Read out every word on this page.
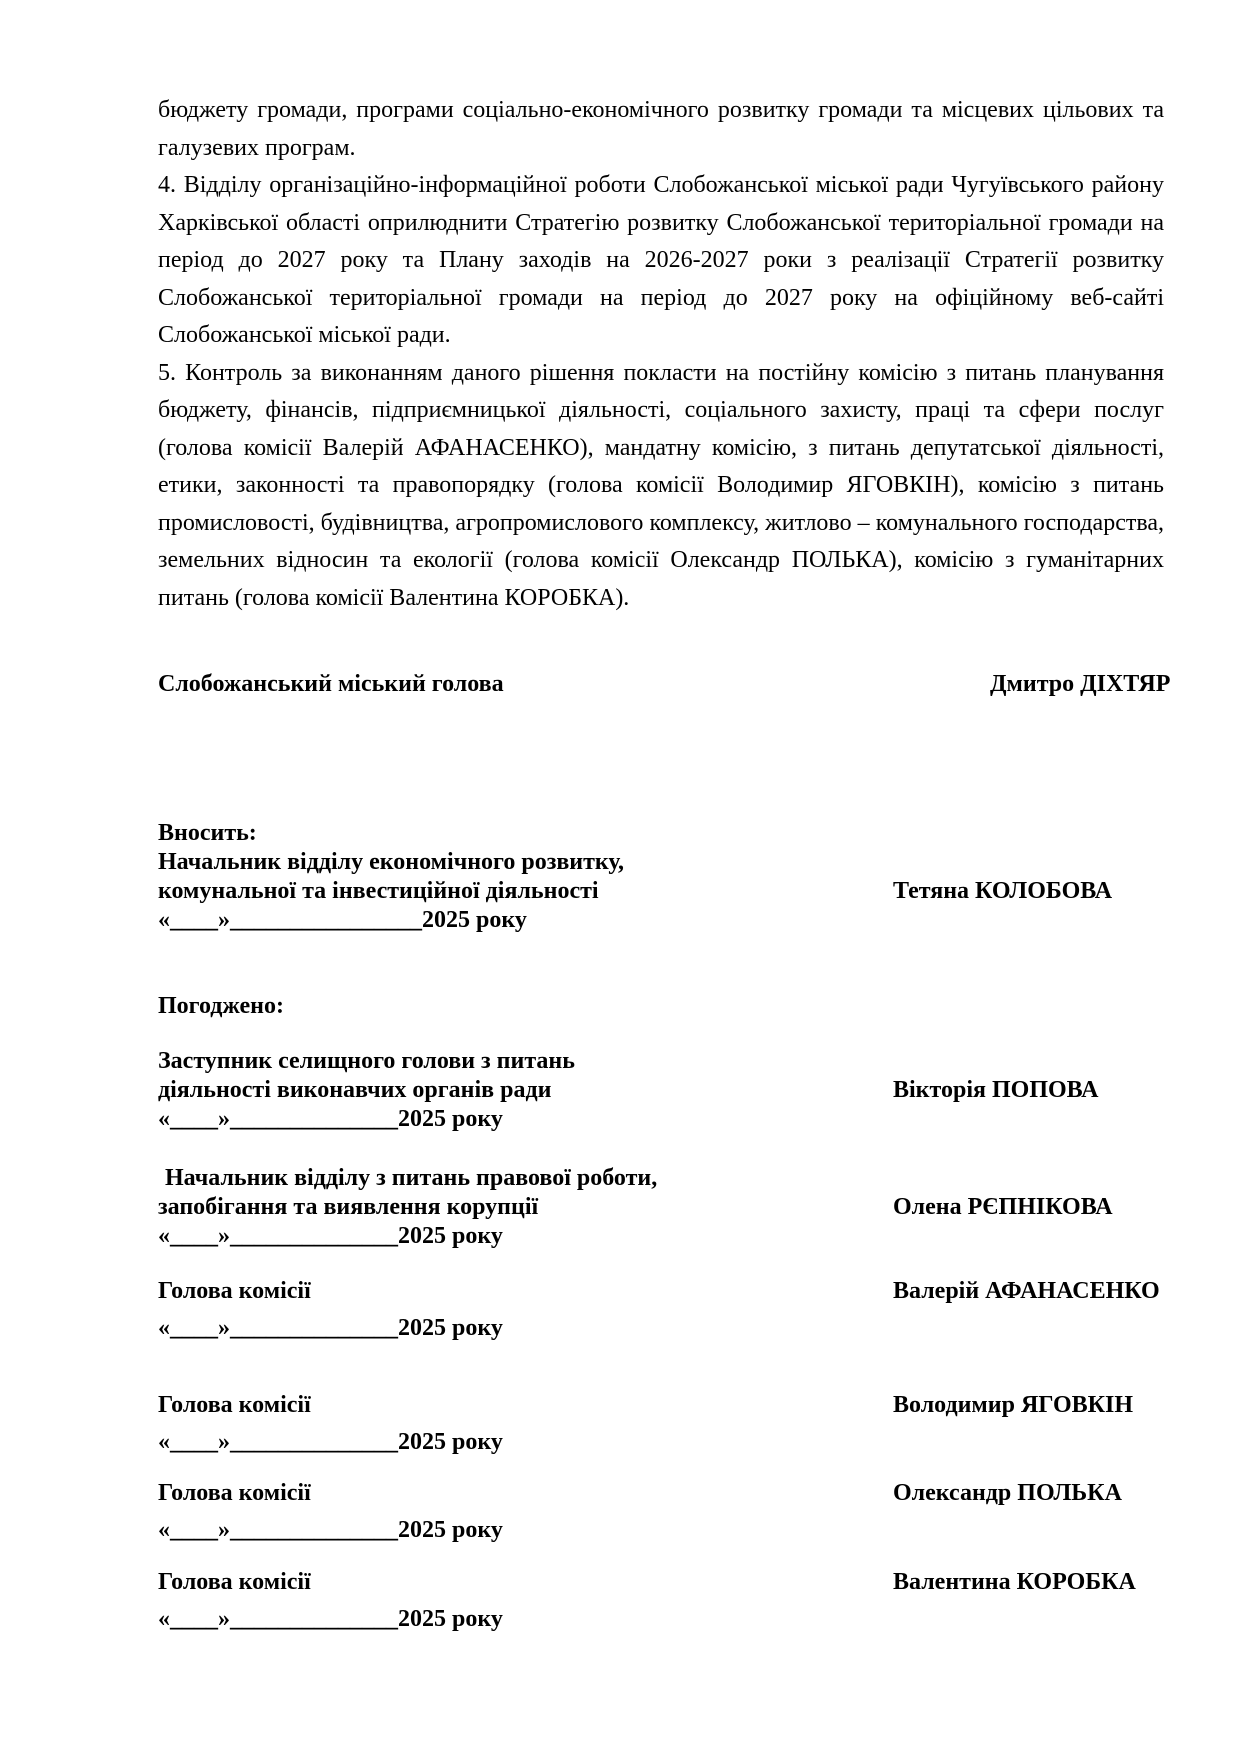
бюджету громади, програми соціально-економічного розвитку громади та місцевих цільових та галузевих програм.

4. Відділу організаційно-інформаційної роботи Слобожанської міської ради Чугуївського району Харківської області оприлюднити Стратегію розвитку Слобожанської територіальної громади на період до 2027 року та Плану заходів на 2026-2027 роки з реалізації Стратегії розвитку Слобожанської територіальної громади на період до 2027 року на офіційному веб-сайті Слобожанської міської ради.

5. Контроль за виконанням даного рішення покласти на постійну комісію з питань планування бюджету, фінансів, підприємницької діяльності, соціального захисту, праці та сфери послуг (голова комісії Валерій АФАНАСЕНКО), мандатну комісію, з питань депутатської діяльності, етики, законності та правопорядку (голова комісії Володимир ЯГОВКІН), комісію з питань промисловості, будівництва, агропромислового комплексу, житлово – комунального господарства, земельних відносин та екології (голова комісії Олександр ПОЛЬКА), комісію з гуманітарних питань (голова комісії Валентина КОРОБКА).

Слобожанський міський голова	Дмитро ДІХТЯР
Вносить:
Начальник відділу економічного розвитку,
комунальної та інвестиційної діяльності	Тетяна КОЛОБОВА
«____»________________2025 року
Погоджено:
Заступник селищного голови з питань
діяльності виконавчих органів ради	Вікторія ПОПОВА
«____»______________2025 року
Начальник відділу з питань правової роботи,
запобігання та виявлення корупції	Олена РЄПНІКОВА
«____»______________2025 року
Голова комісії	Валерій АФАНАСЕНКО
«____»______________2025 року
Голова комісії	Володимир ЯГОВКІН
«____»______________2025 року
Голова комісії	Олександр ПОЛЬКА
«____»______________2025 року
Голова комісії	Валентина КОРОБКА
«____»______________2025 року
